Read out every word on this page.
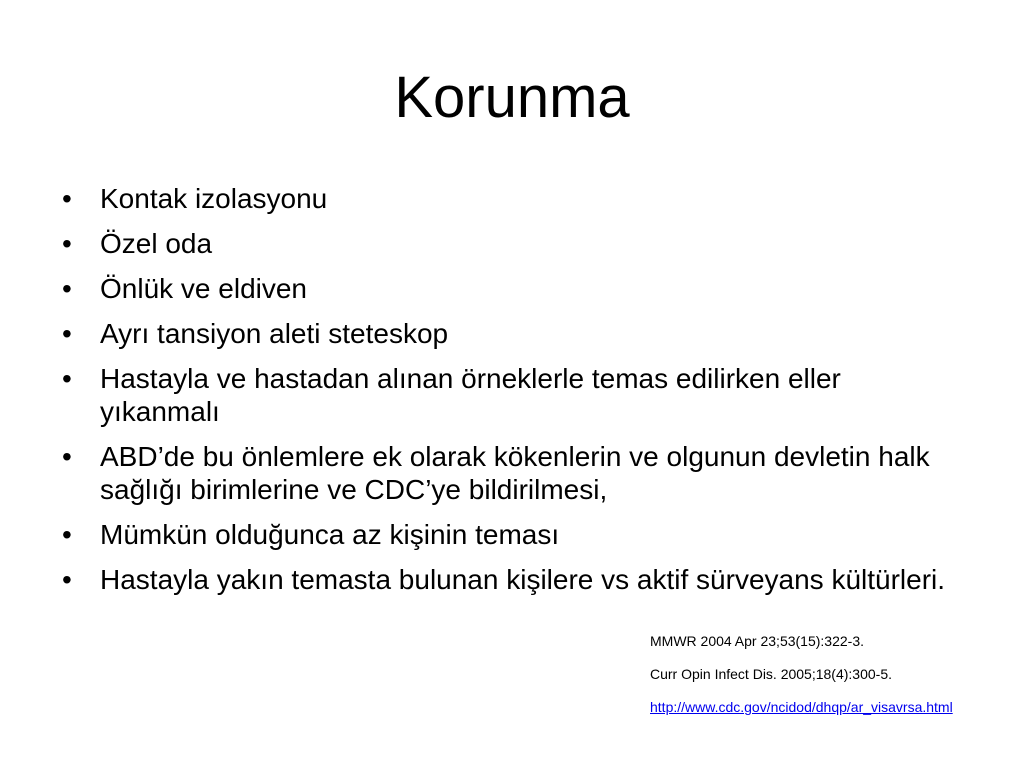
Korunma
• Kontak izolasyonu
• Özel oda
• Önlük ve eldiven
• Ayrı tansiyon aleti steteskop
• Hastayla ve hastadan alınan örneklerle temas edilirken eller yıkanmalı
• ABD’de bu önlemlere ek olarak kökenlerin ve olgunun devletin halk sağlığı birimlerine ve CDC’ye bildirilmesi,
• Mümkün olduğunca az kişinin teması
• Hastayla yakın temasta bulunan kişilere vs aktif sürveyans kültürleri.

MMWR 2004 Apr 23;53(15):322-3.

Curr Opin Infect Dis. 2005;18(4):300-5.

http://www.cdc.gov/ncidod/dhqp/ar_visavrsa.html
